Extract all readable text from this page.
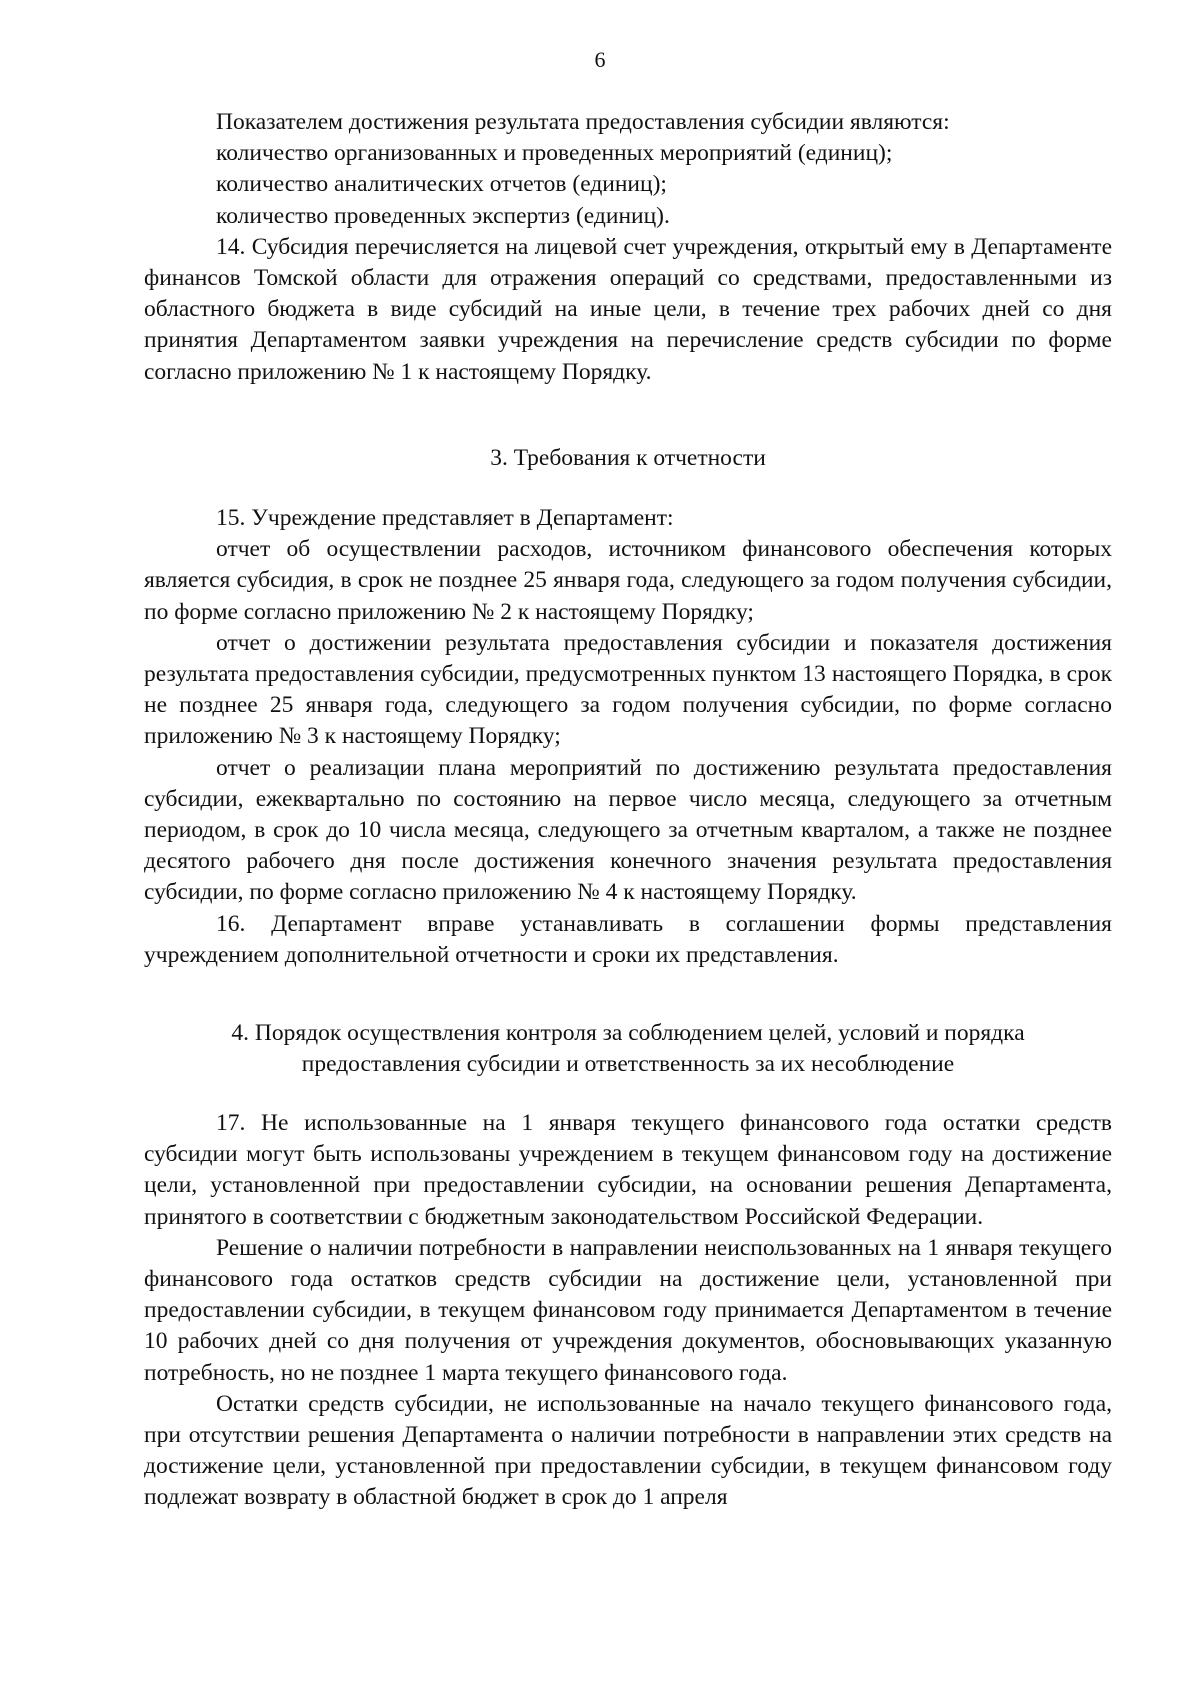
6

Показателем достижения результата предоставления субсидии являются:

количество организованных и проведенных мероприятий (единиц);

количество аналитических отчетов (единиц);

количество проведенных экспертиз (единиц).

14. Субсидия перечисляется на лицевой счет учреждения, открытый ему в Департаменте финансов Томской области для отражения операций со средствами, предоставленными из областного бюджета в виде субсидий на иные цели, в течение трех рабочих дней со дня принятия Департаментом заявки учреждения на перечисление средств субсидии по форме согласно приложению № 1 к настоящему Порядку.

3. Требования к отчетности

15. Учреждение представляет в Департамент:

отчет об осуществлении расходов, источником финансового обеспечения которых является субсидия, в срок не позднее 25 января года, следующего за годом получения субсидии, по форме согласно приложению № 2 к настоящему Порядку;

отчет о достижении результата предоставления субсидии и показателя достижения результата предоставления субсидии, предусмотренных пунктом 13 настоящего Порядка, в срок не позднее 25 января года, следующего за годом получения субсидии, по форме согласно приложению № 3 к настоящему Порядку;

отчет о реализации плана мероприятий по достижению результата предоставления субсидии, ежеквартально по состоянию на первое число месяца, следующего за отчетным периодом, в срок до 10 числа месяца, следующего за отчетным кварталом, а также не позднее десятого рабочего дня после достижения конечного значения результата предоставления субсидии, по форме согласно приложению № 4 к настоящему Порядку.

16. Департамент вправе устанавливать в соглашении формы представления учреждением дополнительной отчетности и сроки их представления.

4. Порядок осуществления контроля за соблюдением целей, условий и порядка
предоставления субсидии и ответственность за их несоблюдение

17. Не использованные на 1 января текущего финансового года остатки средств субсидии могут быть использованы учреждением в текущем финансовом году на достижение цели, установленной при предоставлении субсидии, на основании решения Департамента, принятого в соответствии с бюджетным законодательством Российской Федерации.

Решение о наличии потребности в направлении неиспользованных на 1 января текущего финансового года остатков средств субсидии на достижение цели, установленной при предоставлении субсидии, в текущем финансовом году принимается Департаментом в течение 10 рабочих дней со дня получения от учреждения документов, обосновывающих указанную потребность, но не позднее 1 марта текущего финансового года.

Остатки средств субсидии, не использованные на начало текущего финансового года, при отсутствии решения Департамента о наличии потребности в направлении этих средств на достижение цели, установленной при предоставлении субсидии, в текущем финансовом году подлежат возврату в областной бюджет в срок до 1 апреля
